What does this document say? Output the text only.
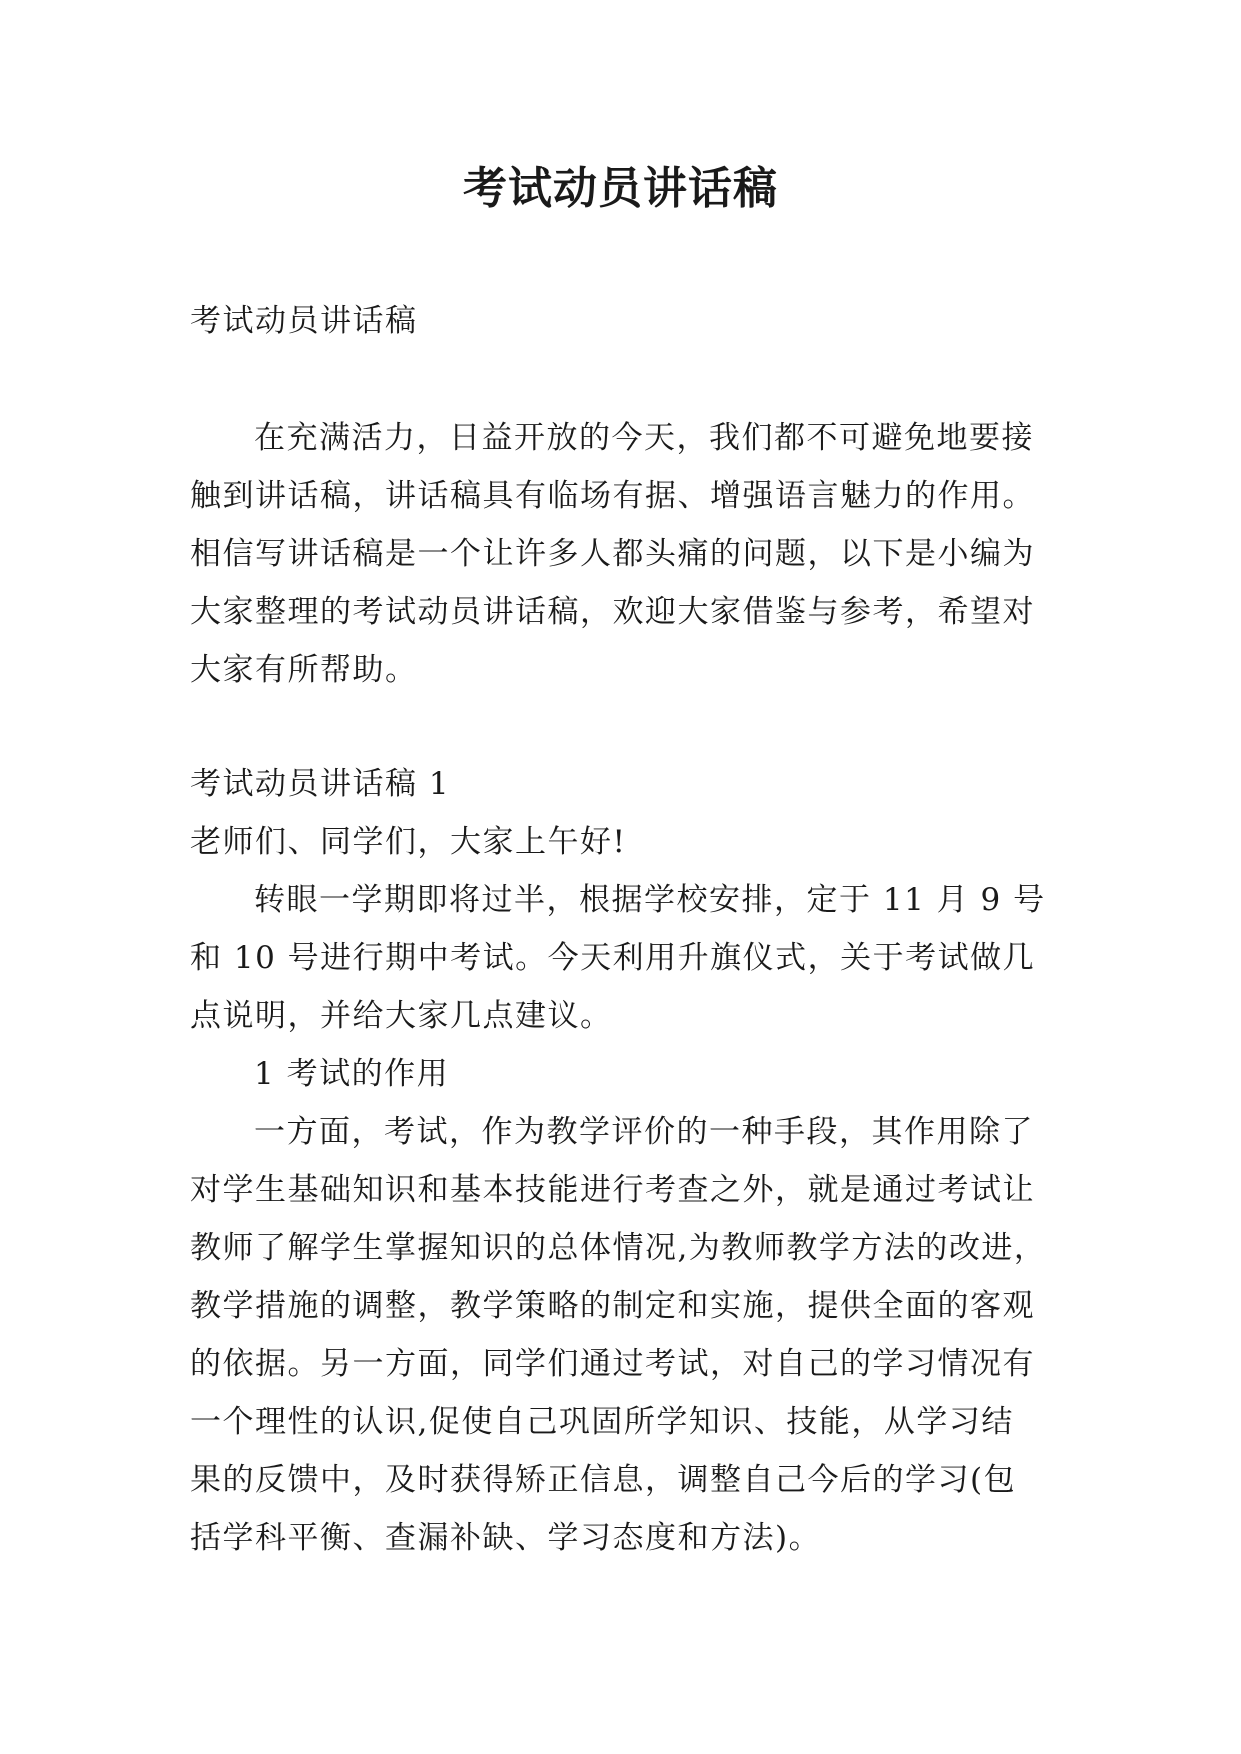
考试动员讲话稿

考试动员讲话稿

在充满活力，日益开放的今天，我们都不可避免地要接
触到讲话稿，讲话稿具有临场有据、增强语言魅力的作用。
相信写讲话稿是一个让许多人都头痛的问题，以下是小编为
大家整理的考试动员讲话稿，欢迎大家借鉴与参考，希望对
大家有所帮助。

考试动员讲话稿 1

老师们、同学们，大家上午好!

转眼一学期即将过半，根据学校安排，定于 11 月 9 号
和 10 号进行期中考试。今天利用升旗仪式，关于考试做几
点说明，并给大家几点建议。

1 考试的作用

一方面，考试，作为教学评价的一种手段，其作用除了
对学生基础知识和基本技能进行考查之外，就是通过考试让
教师了解学生掌握知识的总体情况,为教师教学方法的改进，
教学措施的调整，教学策略的制定和实施，提供全面的客观
的依据。另一方面，同学们通过考试，对自己的学习情况有
一个理性的认识,促使自己巩固所学知识、技能，从学习结
果的反馈中，及时获得矫正信息，调整自己今后的学习(包
括学科平衡、查漏补缺、学习态度和方法)。
